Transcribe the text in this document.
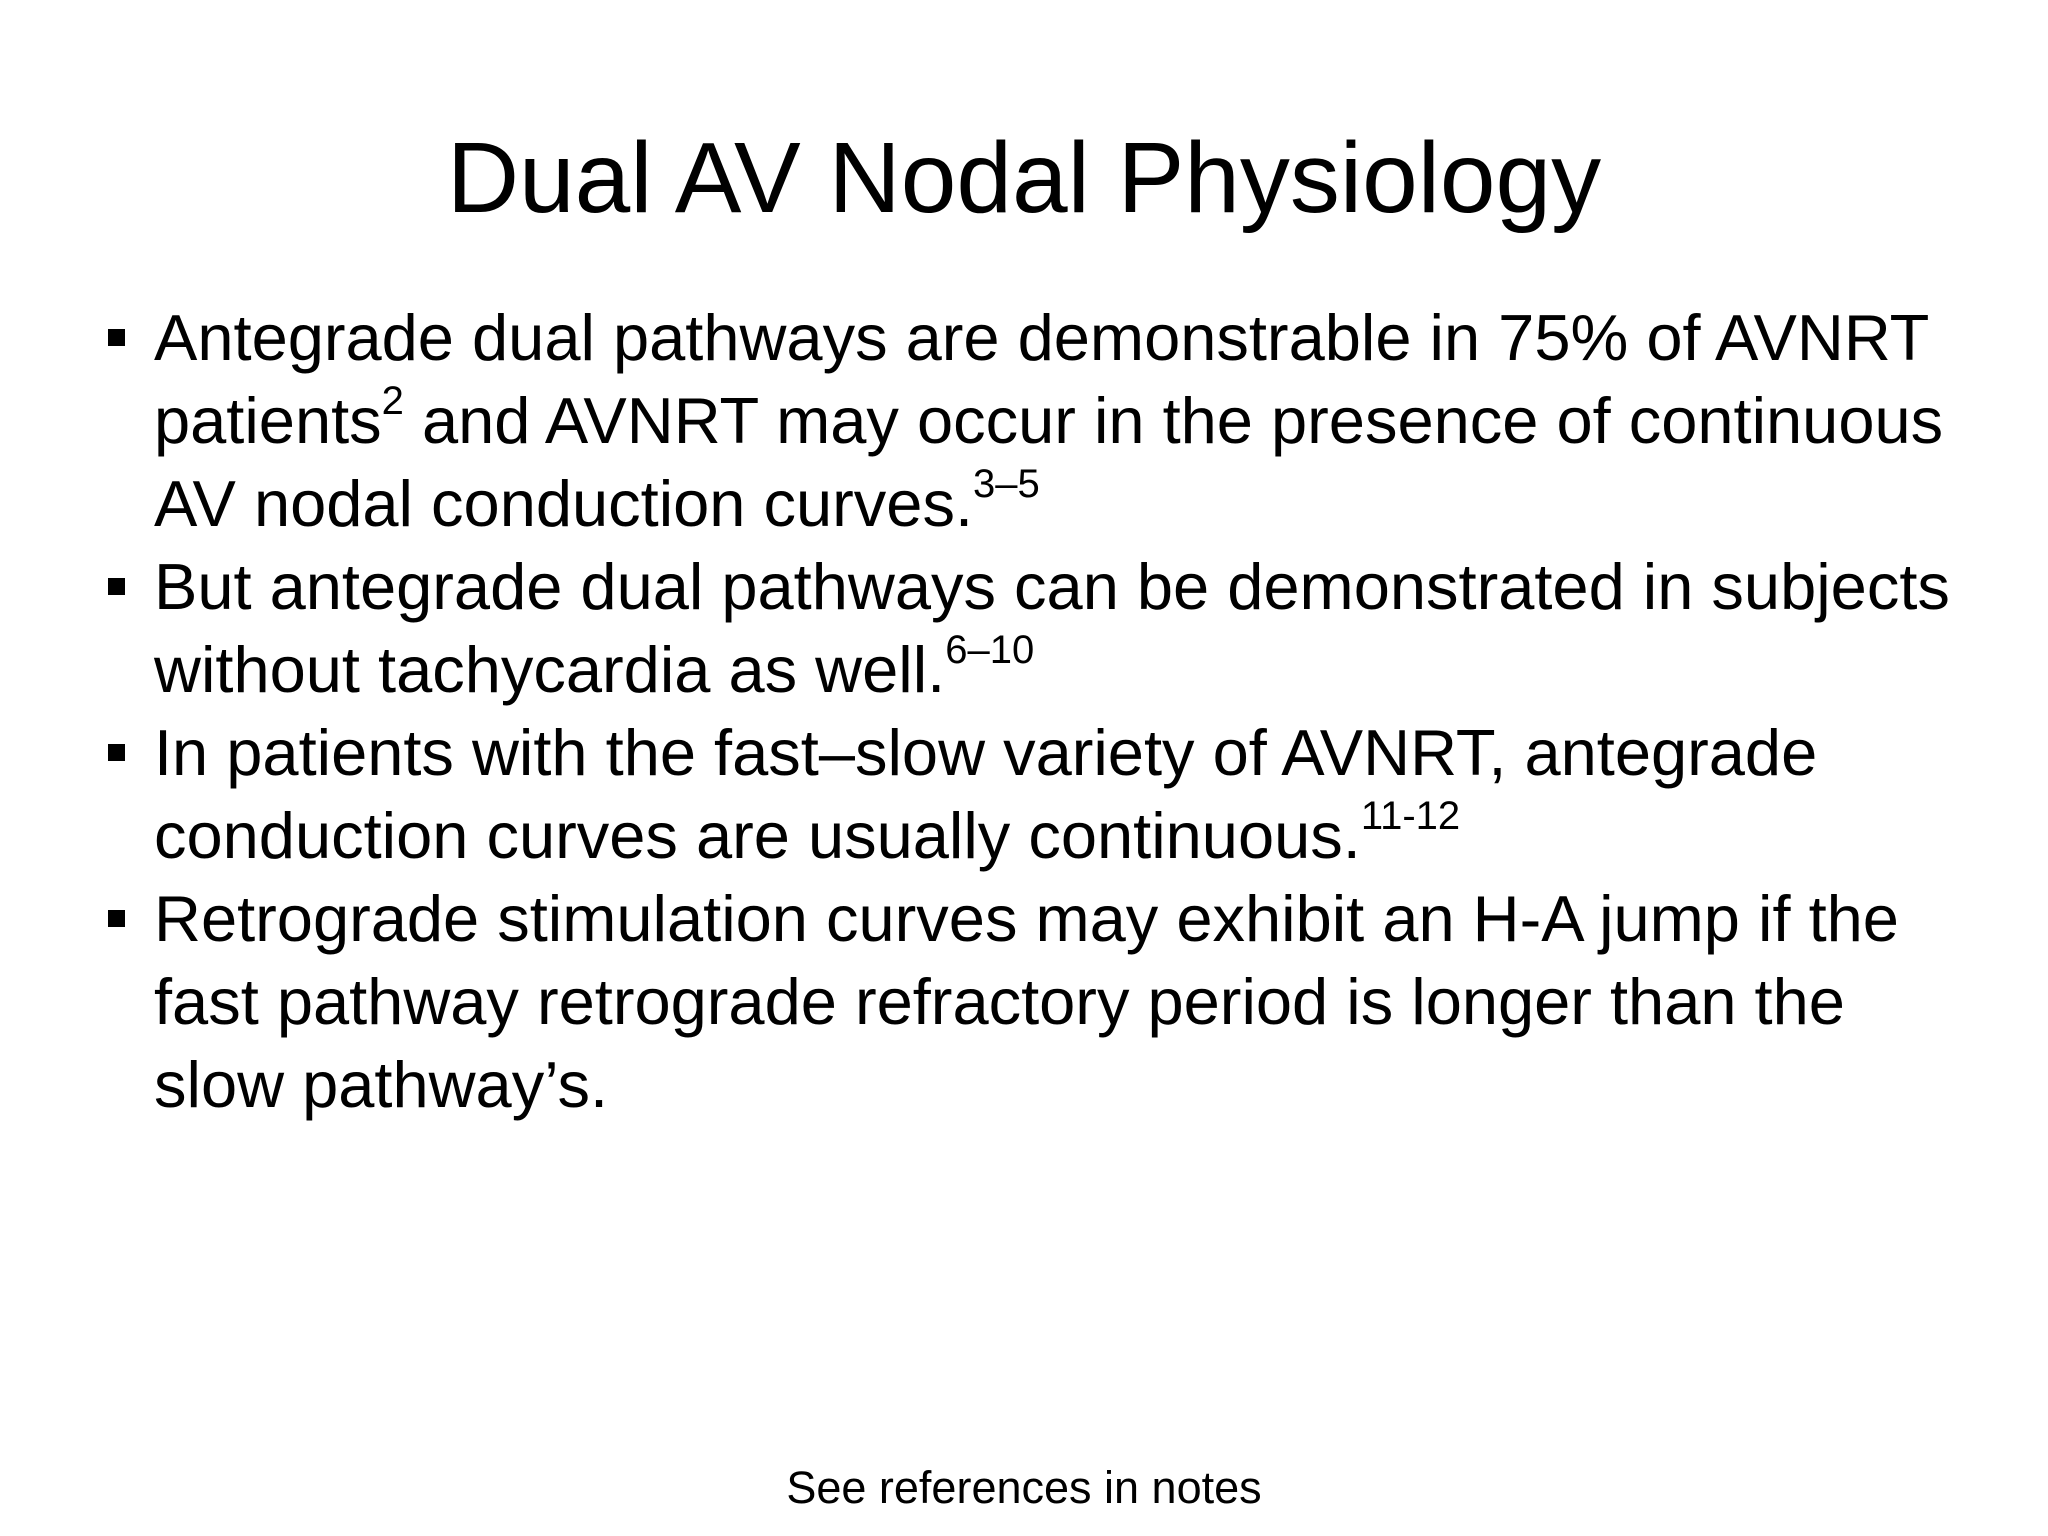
Dual AV Nodal Physiology
Antegrade dual pathways are demonstrable in 75% of AVNRT
patients$^2$ and AVNRT may occur in the presence of continuous
AV nodal conduction curves.$^{3-5}$
But antegrade dual pathways can be demonstrated in subjects
without tachycardia as well.$^{6-10}$
In patients with the fast–slow variety of AVNRT, antegrade
conduction curves are usually continuous.$^{11-12}$
Retrograde stimulation curves may exhibit an H-A jump if the
fast pathway retrograde refractory period is longer than the
slow pathway’s.
See references in notes
